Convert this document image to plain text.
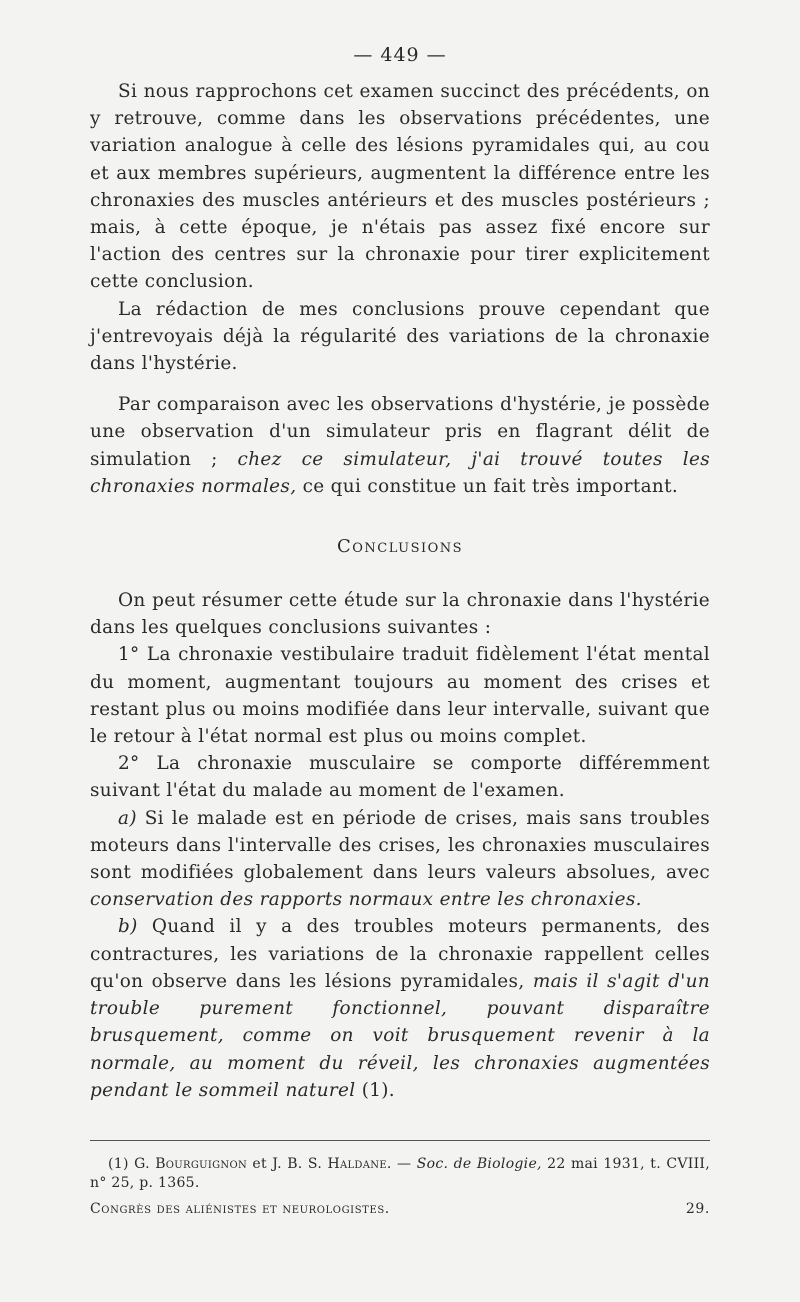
— 449 —

Si nous rapprochons cet examen succinct des précédents, on y retrouve, comme dans les observations précédentes, une variation analogue à celle des lésions pyramidales qui, au cou et aux membres supérieurs, augmentent la différence entre les chronaxies des muscles antérieurs et des muscles postérieurs ; mais, à cette époque, je n'étais pas assez fixé encore sur l'action des centres sur la chronaxie pour tirer explicitement cette conclusion.

La rédaction de mes conclusions prouve cependant que j'entrevoyais déjà la régularité des variations de la chronaxie dans l'hystérie.

Par comparaison avec les observations d'hystérie, je possède une observation d'un simulateur pris en flagrant délit de simulation ; chez ce simulateur, j'ai trouvé toutes les chronaxies normales, ce qui constitue un fait très important.

Conclusions

On peut résumer cette étude sur la chronaxie dans l'hystérie dans les quelques conclusions suivantes :

1° La chronaxie vestibulaire traduit fidèlement l'état mental du moment, augmentant toujours au moment des crises et restant plus ou moins modifiée dans leur intervalle, suivant que le retour à l'état normal est plus ou moins complet.

2° La chronaxie musculaire se comporte différemment suivant l'état du malade au moment de l'examen.

a) Si le malade est en période de crises, mais sans troubles moteurs dans l'intervalle des crises, les chronaxies musculaires sont modifiées globalement dans leurs valeurs absolues, avec conservation des rapports normaux entre les chronaxies.

b) Quand il y a des troubles moteurs permanents, des contractures, les variations de la chronaxie rappellent celles qu'on observe dans les lésions pyramidales, mais il s'agit d'un trouble purement fonctionnel, pouvant disparaître brusquement, comme on voit brusquement revenir à la normale, au moment du réveil, les chronaxies augmentées pendant le sommeil naturel (1).

(1) G. Bourguignon et J. B. S. Haldane. — Soc. de Biologie, 22 mai 1931, t. CVIII, n° 25, p. 1365.

Congrès des aliénistes et neurologistes.	29.
